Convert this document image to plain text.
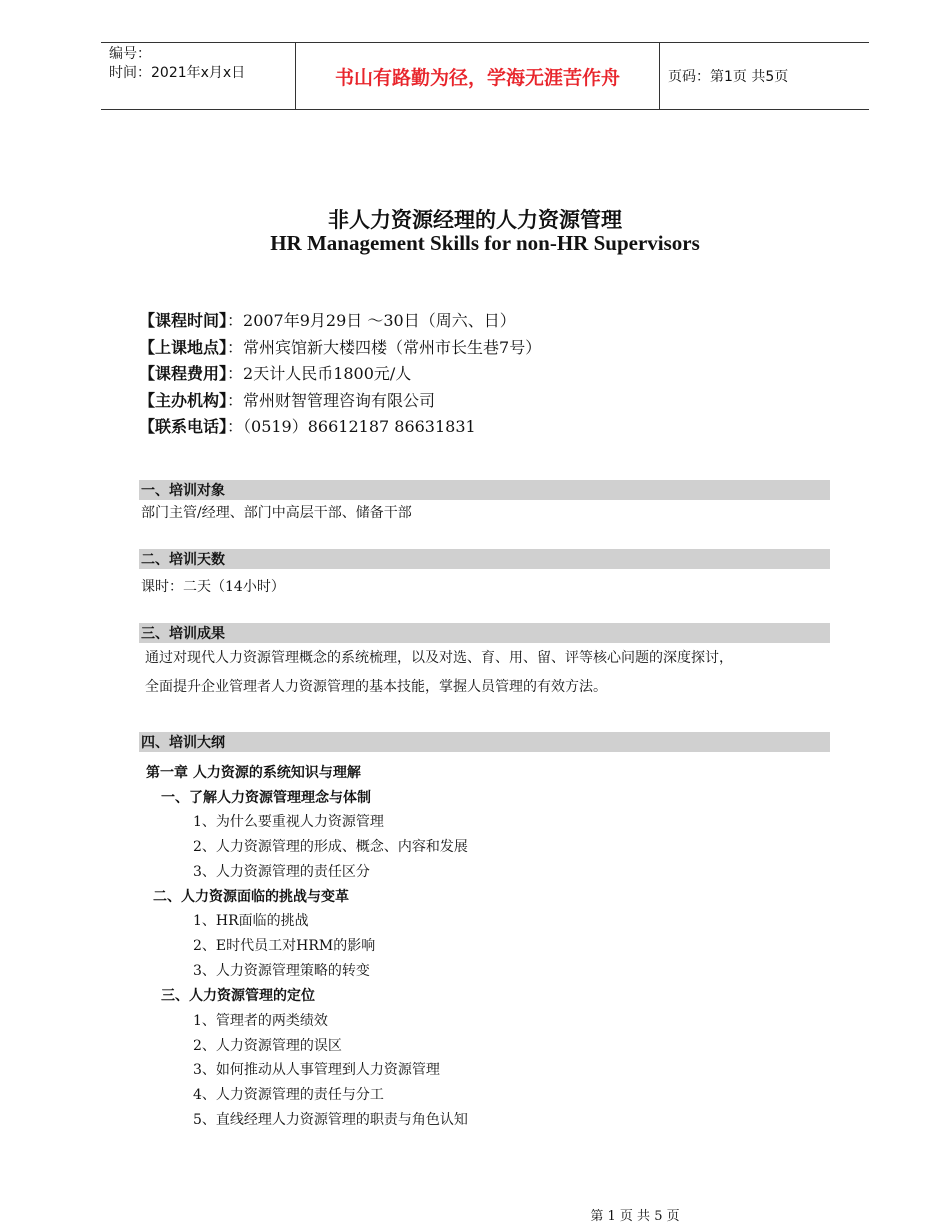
编号：
时间：2021年x月x日	书山有路勤为径，学海无涯苦作舟	页码：第1页 共5页
非人力资源经理的人力资源管理
HR Management Skills for non-HR Supervisors
【课程时间】：2007年9月29日 ～30日（周六、日）
【上课地点】：常州宾馆新大楼四楼（常州市长生巷7号）
【课程费用】：2天计人民币1800元/人
【主办机构】：常州财智管理咨询有限公司
【联系电话】：（0519）86612187 86631831
一、培训对象
部门主管/经理、部门中高层干部、储备干部
二、培训天数
课时：二天（14小时）
三、培训成果
通过对现代人力资源管理概念的系统梳理，以及对选、育、用、留、评等核心问题的深度探讨，
全面提升企业管理者人力资源管理的基本技能，掌握人员管理的有效方法。
四、培训大纲
第一章 人力资源的系统知识与理解
一、了解人力资源管理理念与体制
1、为什么要重视人力资源管理
2、人力资源管理的形成、概念、内容和发展
3、人力资源管理的责任区分
二、人力资源面临的挑战与变革
1、HR面临的挑战
2、E时代员工对HRM的影响
3、人力资源管理策略的转变
三、人力资源管理的定位
1、管理者的两类绩效
2、人力资源管理的误区
3、如何推动从人事管理到人力资源管理
4、人力资源管理的责任与分工
5、直线经理人力资源管理的职责与角色认知
第 1 页 共 5 页
